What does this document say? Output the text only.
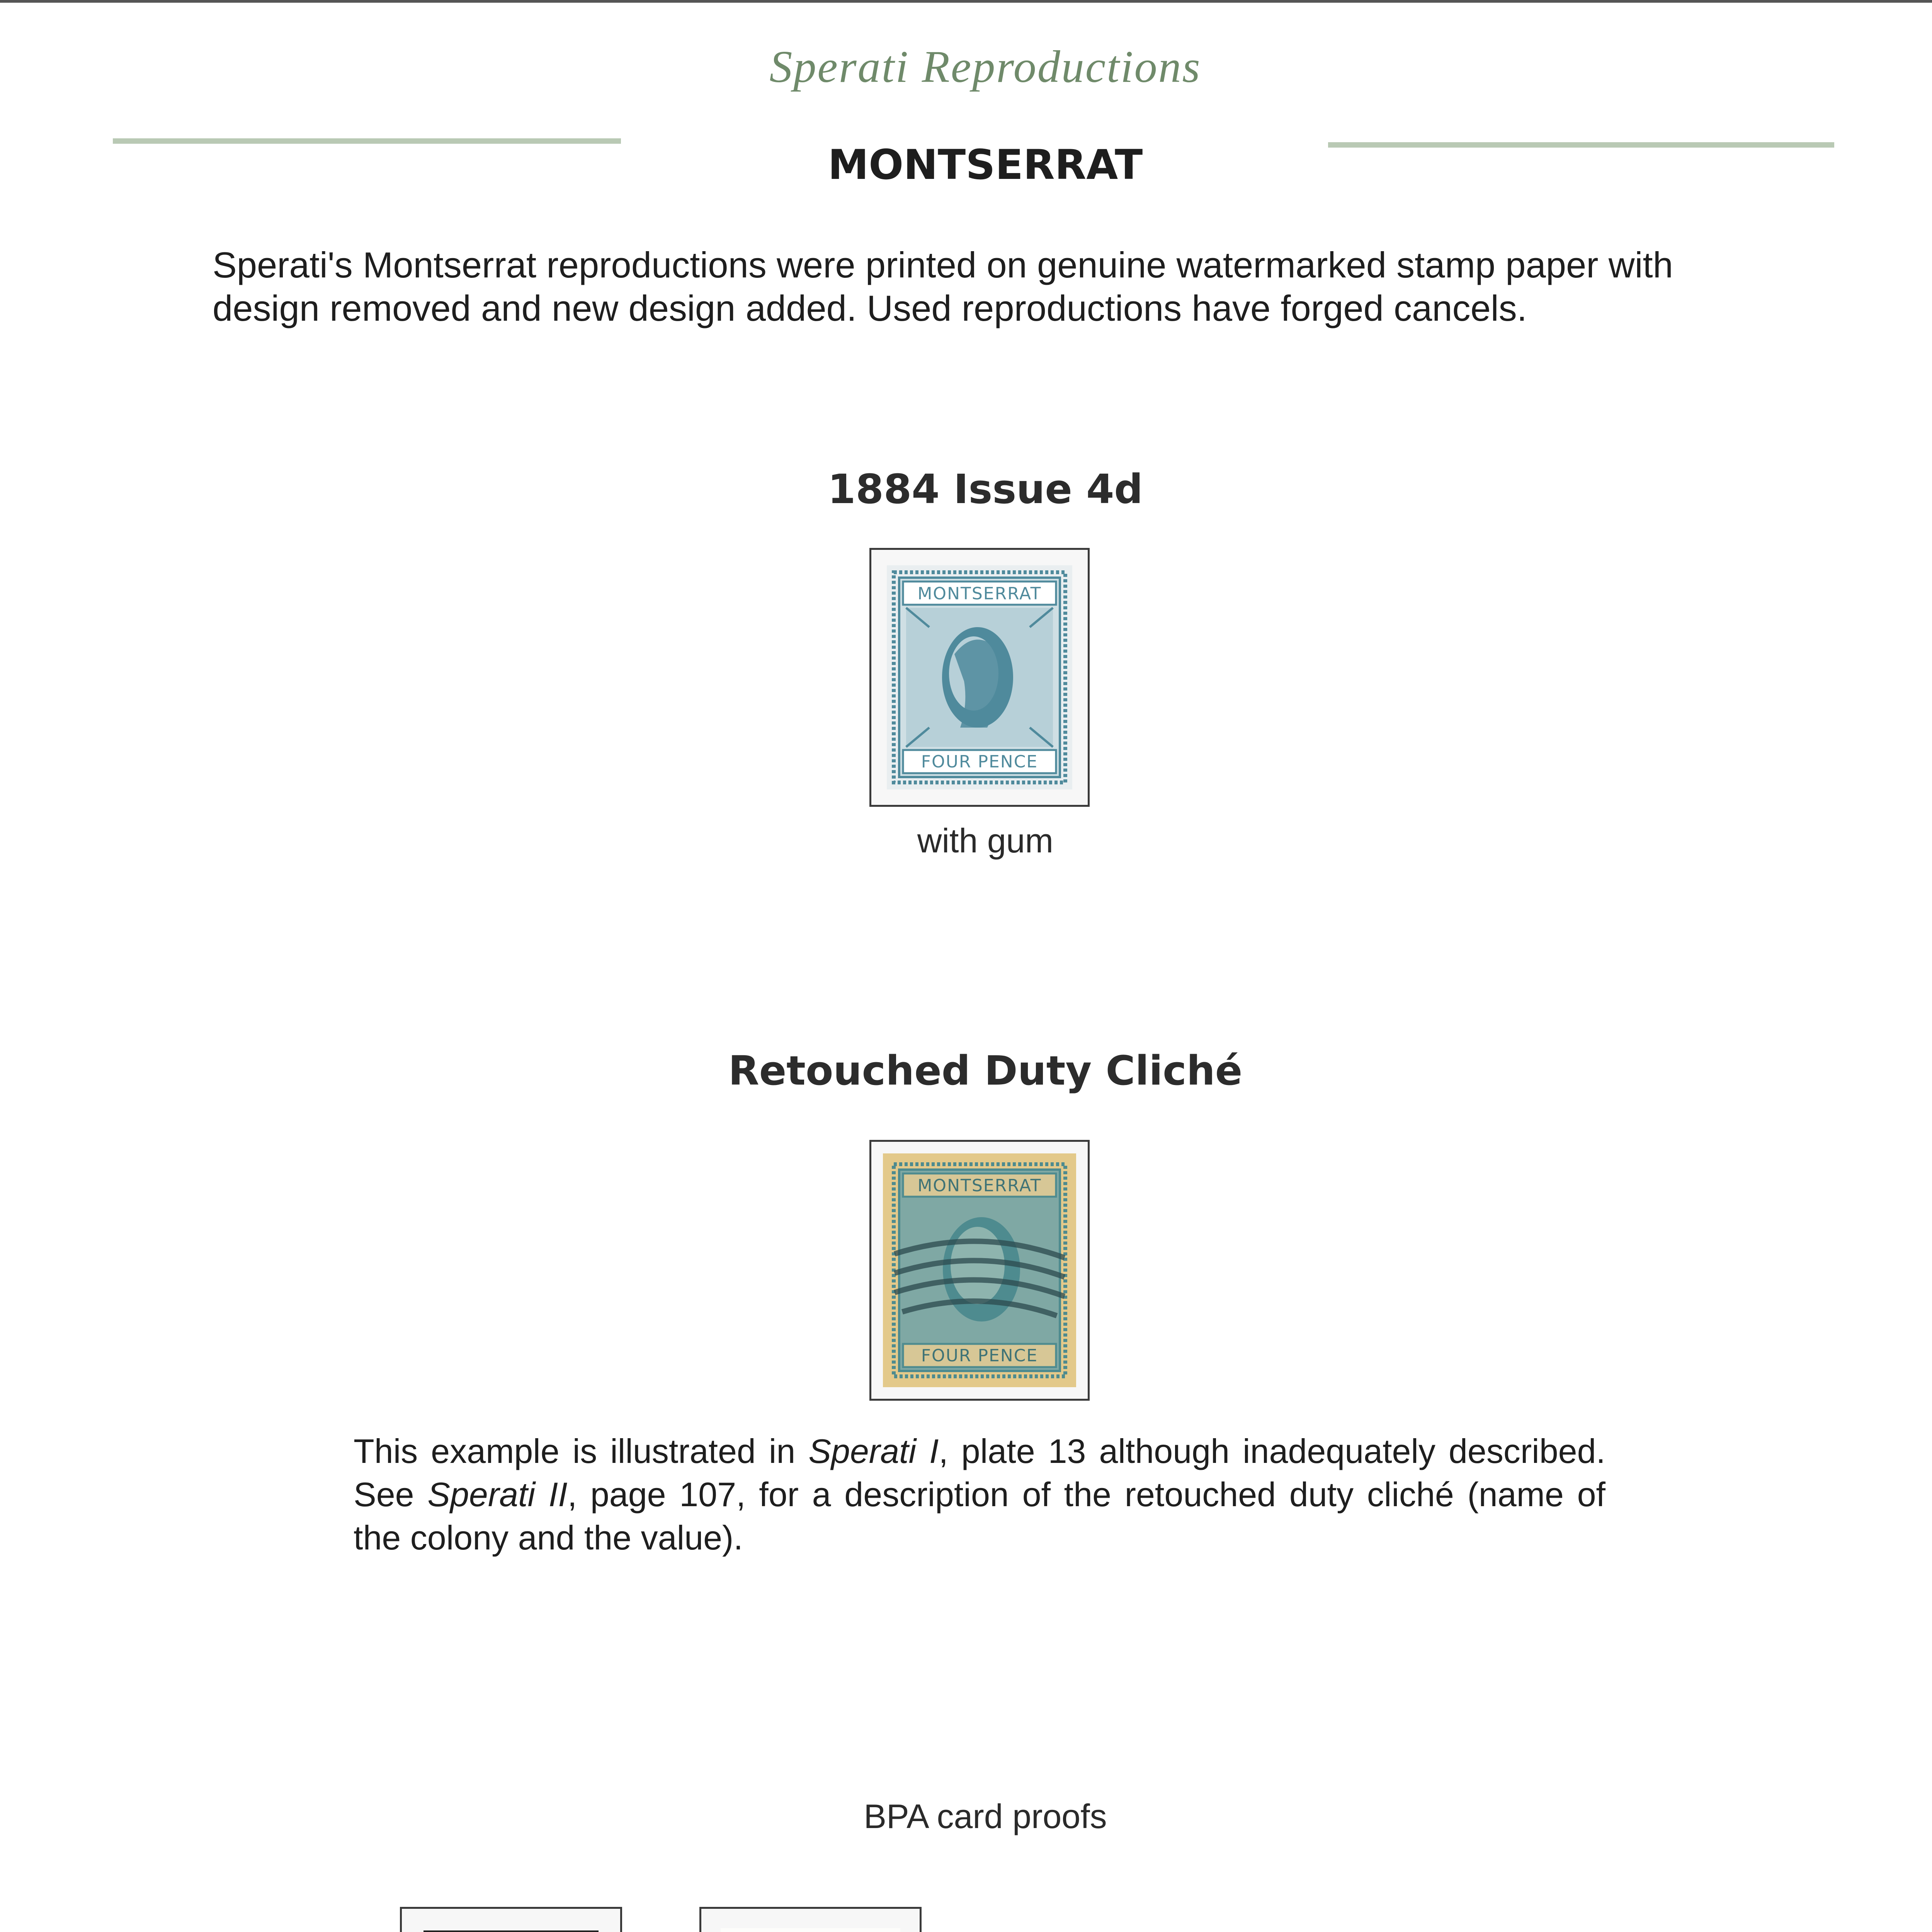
Sperati Reproductions
MONTSERRAT
Sperati's Montserrat reproductions were printed on genuine watermarked stamp paper with design removed and new design added. Used reproductions have forged cancels.
1884 Issue 4d
MONTSERRAT
FOUR PENCE
with gum
Retouched Duty Cliché
MONTSERRAT
FOUR PENCE
This example is illustrated in Sperati I, plate 13 although inadequately described. See Sperati II, page 107, for a description of the retouched duty cliché (name of the colony and the value).
BPA card proofs
